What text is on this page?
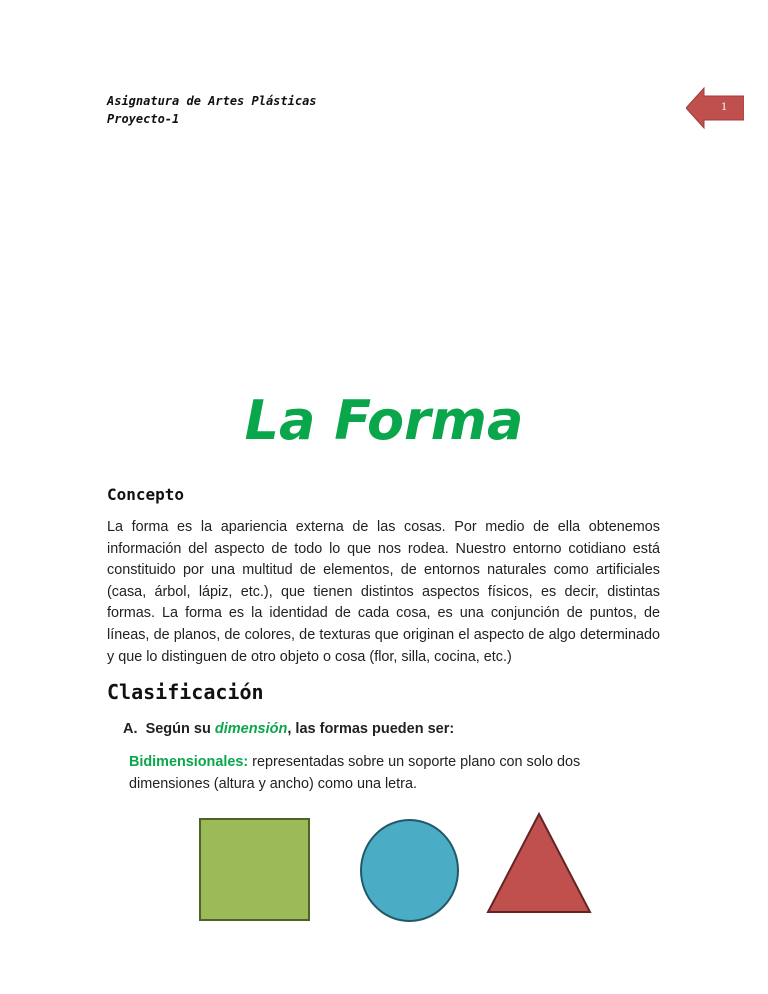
Asignatura de Artes Plásticas
Proyecto-1
1
La Forma
Concepto
La forma es la apariencia externa de las cosas. Por medio de ella obtenemos información del aspecto de todo lo que nos rodea. Nuestro entorno cotidiano está constituido por una multitud de elementos, de entornos naturales como artificiales (casa, árbol, lápiz, etc.), que tienen distintos aspectos físicos, es decir, distintas formas. La forma es la identidad de cada cosa, es una conjunción de puntos, de líneas, de planos, de colores, de texturas que originan el aspecto de algo determinado y que lo distinguen de otro objeto o cosa (flor, silla, cocina, etc.)
Clasificación
A. Según su dimensión, las formas pueden ser:
Bidimensionales: representadas sobre un soporte plano con solo dos dimensiones (altura y ancho) como una letra.
